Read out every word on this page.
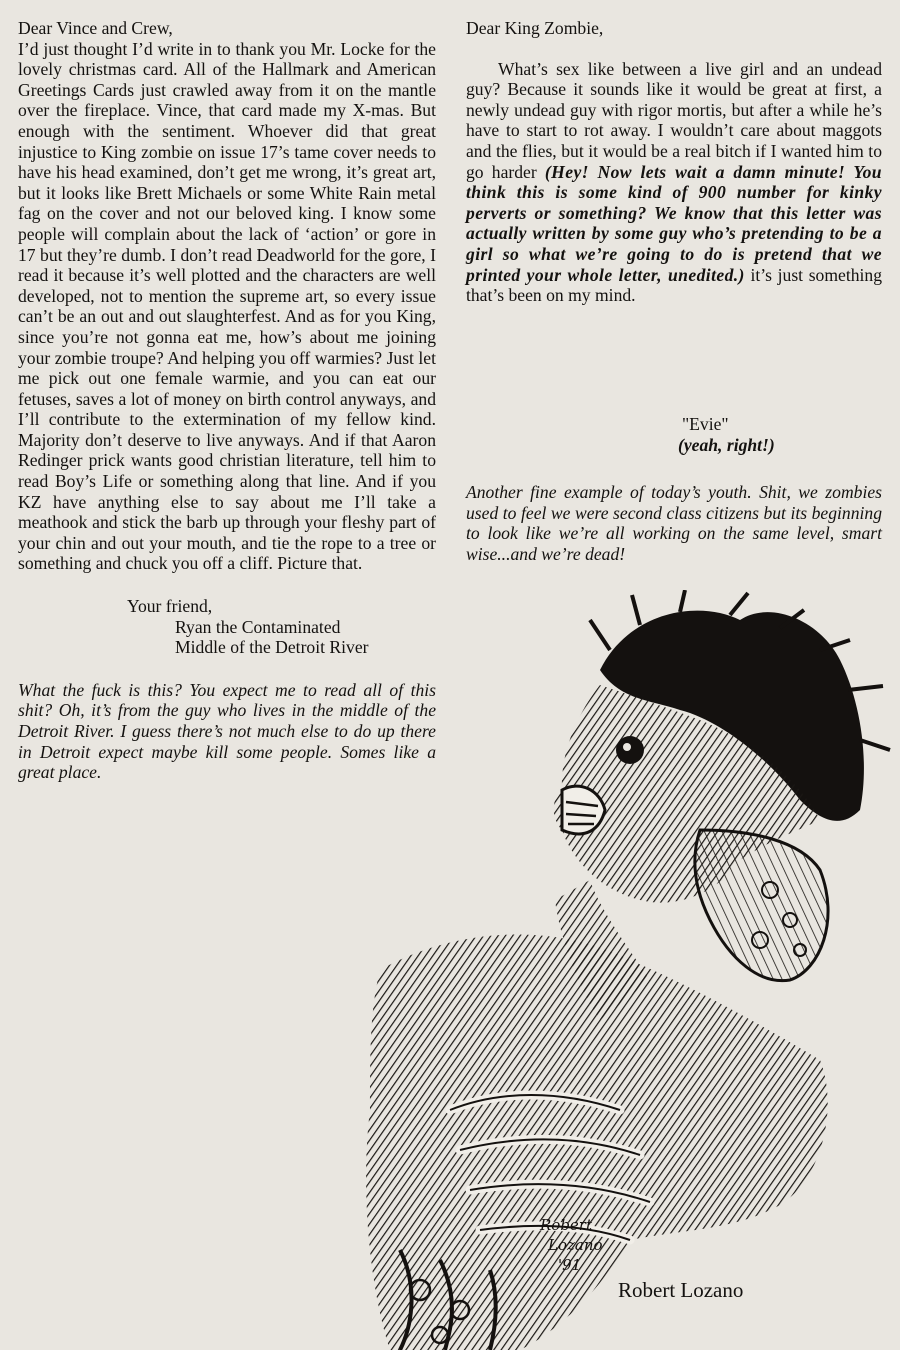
Dear Vince and Crew,

I’d just thought I’d write in to thank you Mr. Locke for the lovely christmas card. All of the Hallmark and American Greetings Cards just crawled away from it on the mantle over the fireplace. Vince, that card made my X-mas. But enough with the sentiment. Whoever did that great injustice to King zombie on issue 17’s tame cover needs to have his head examined, don’t get me wrong, it’s great art, but it looks like Brett Michaels or some White Rain metal fag on the cover and not our beloved king. I know some people will complain about the lack of ‘action’ or gore in 17 but they’re dumb. I don’t read Deadworld for the gore, I read it because it’s well plotted and the characters are well developed, not to mention the supreme art, so every issue can’t be an out and out slaughterfest. And as for you King, since you’re not gonna eat me, how’s about me joining your zombie troupe? And helping you off warmies? Just let me pick out one female warmie, and you can eat our fetuses, saves a lot of money on birth control anyways, and I’ll contribute to the extermination of my fellow kind. Majority don’t deserve to live anyways. And if that Aaron Redinger prick wants good christian literature, tell him to read Boy’s Life or something along that line. And if you KZ have anything else to say about me I’ll take a meathook and stick the barb up through your fleshy part of your chin and out your mouth, and tie the rope to a tree or something and chuck you off a cliff. Picture that.

Your friend,
Ryan the Contaminated
Middle of the Detroit River

What the fuck is this? You expect me to read all of this shit? Oh, it’s from the guy who lives in the middle of the Detroit River. I guess there’s not much else to do up there in Detroit expect maybe kill some people. Somes like a great place.

Dear King Zombie,

What’s sex like between a live girl and an undead guy? Because it sounds like it would be great at first, a newly undead guy with rigor mortis, but after a while he’s have to start to rot away. I wouldn’t care about maggots and the flies, but it would be a real bitch if I wanted him to go harder (Hey! Now lets wait a damn minute! You think this is some kind of 900 number for kinky perverts or something? We know that this letter was actually written by some guy who’s pretending to be a girl so what we’re going to do is pretend that we printed your whole letter, unedited.) it’s just something that’s been on my mind.

"Evie"
(yeah, right!)

Another fine example of today’s youth. Shit, we zombies used to feel we were second class citizens but its beginning to look like we’re all working on the same level, smart wise...and we’re dead!

Robert
Lozano
'91
Robert Lozano
